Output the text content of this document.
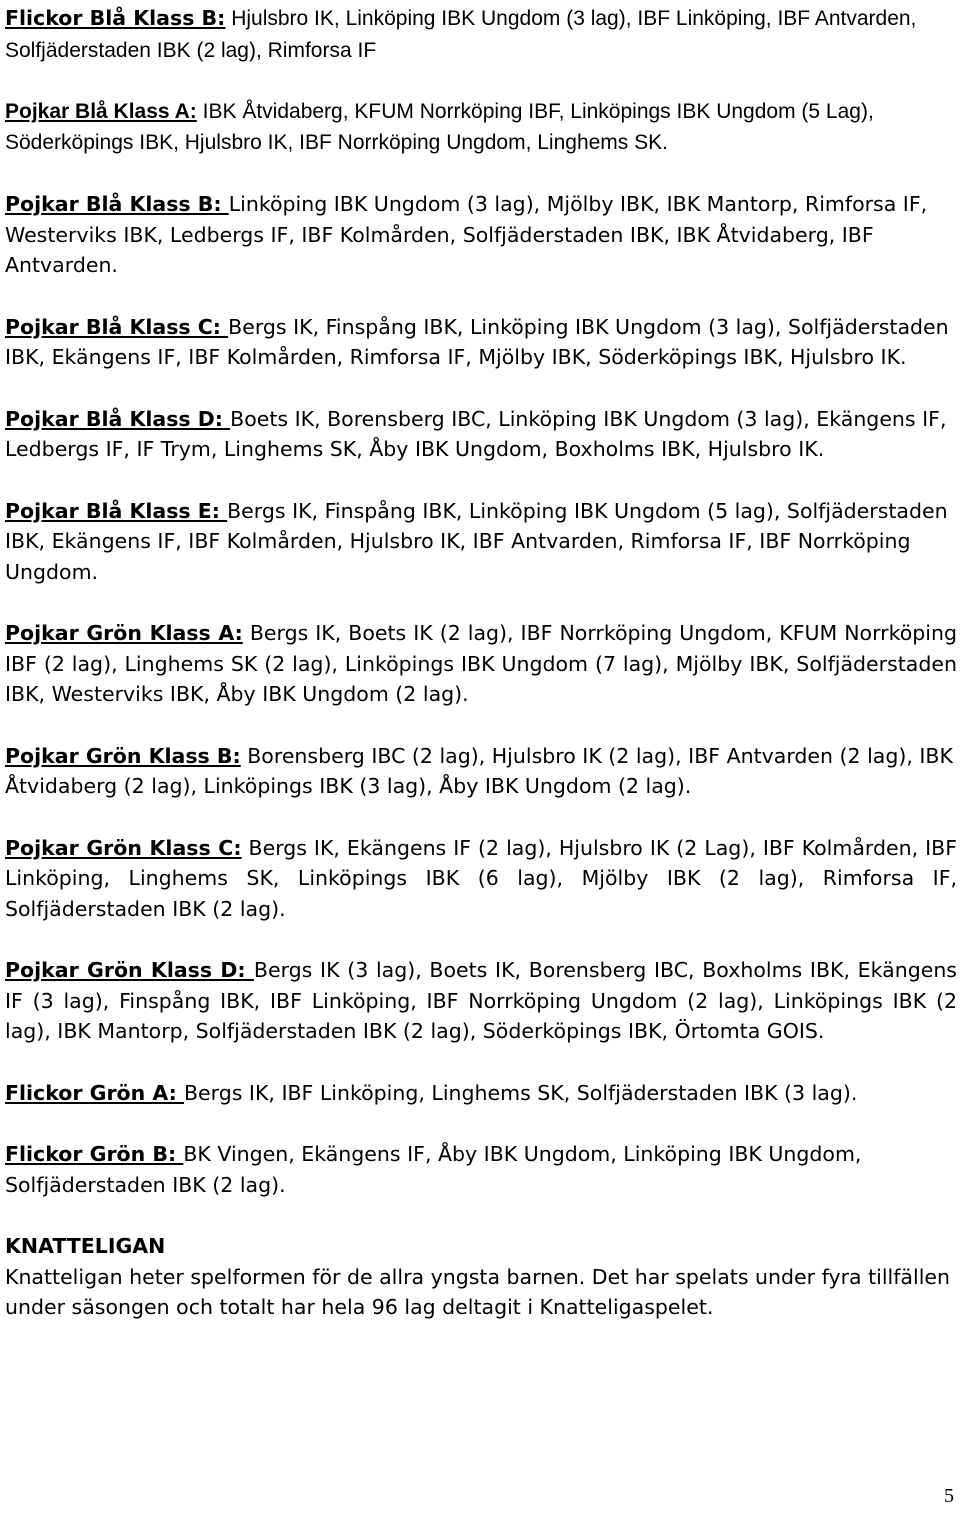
Flickor Blå Klass B: Hjulsbro IK, Linköping IBK Ungdom (3 lag), IBF Linköping, IBF Antvarden, Solfjäderstaden IBK (2 lag), Rimforsa IF

Pojkar Blå Klass A: IBK Åtvidaberg, KFUM Norrköping IBF, Linköpings IBK Ungdom (5 Lag), Söderköpings IBK, Hjulsbro IK, IBF Norrköping Ungdom, Linghems SK.

Pojkar Blå Klass B: Linköping IBK Ungdom (3 lag), Mjölby IBK, IBK Mantorp, Rimforsa IF, Westerviks IBK, Ledbergs IF, IBF Kolmården, Solfjäderstaden IBK, IBK Åtvidaberg, IBF Antvarden.

Pojkar Blå Klass C: Bergs IK, Finspång IBK, Linköping IBK Ungdom (3 lag), Solfjäderstaden IBK, Ekängens IF, IBF Kolmården, Rimforsa IF, Mjölby IBK, Söderköpings IBK, Hjulsbro IK.

Pojkar Blå Klass D: Boets IK, Borensberg IBC, Linköping IBK Ungdom (3 lag), Ekängens IF, Ledbergs IF, IF Trym, Linghems SK, Åby IBK Ungdom, Boxholms IBK, Hjulsbro IK.

Pojkar Blå Klass E: Bergs IK, Finspång IBK, Linköping IBK Ungdom (5 lag), Solfjäderstaden IBK, Ekängens IF, IBF Kolmården, Hjulsbro IK, IBF Antvarden, Rimforsa IF, IBF Norrköping Ungdom.

Pojkar Grön Klass A: Bergs IK, Boets IK (2 lag), IBF Norrköping Ungdom, KFUM Norrköping IBF (2 lag), Linghems SK (2 lag), Linköpings IBK Ungdom (7 lag), Mjölby IBK, Solfjäderstaden IBK, Westerviks IBK, Åby IBK Ungdom (2 lag).

Pojkar Grön Klass B: Borensberg IBC (2 lag), Hjulsbro IK (2 lag), IBF Antvarden (2 lag), IBK Åtvidaberg (2 lag), Linköpings IBK (3 lag), Åby IBK Ungdom (2 lag).

Pojkar Grön Klass C: Bergs IK, Ekängens IF (2 lag), Hjulsbro IK (2 Lag), IBF Kolmården, IBF Linköping, Linghems SK, Linköpings IBK (6 lag), Mjölby IBK (2 lag), Rimforsa IF, Solfjäderstaden IBK (2 lag).

Pojkar Grön Klass D: Bergs IK (3 lag), Boets IK, Borensberg IBC, Boxholms IBK, Ekängens IF (3 lag), Finspång IBK, IBF Linköping, IBF Norrköping Ungdom (2 lag), Linköpings IBK (2 lag), IBK Mantorp, Solfjäderstaden IBK (2 lag), Söderköpings IBK, Örtomta GOIS.

Flickor Grön A: Bergs IK, IBF Linköping, Linghems SK, Solfjäderstaden IBK (3 lag).

Flickor Grön B: BK Vingen, Ekängens IF, Åby IBK Ungdom, Linköping IBK Ungdom, Solfjäderstaden IBK (2 lag).

KNATTELIGAN

Knatteligan heter spelformen för de allra yngsta barnen. Det har spelats under fyra tillfällen under säsongen och totalt har hela 96 lag deltagit i Knatteligaspelet.

5
